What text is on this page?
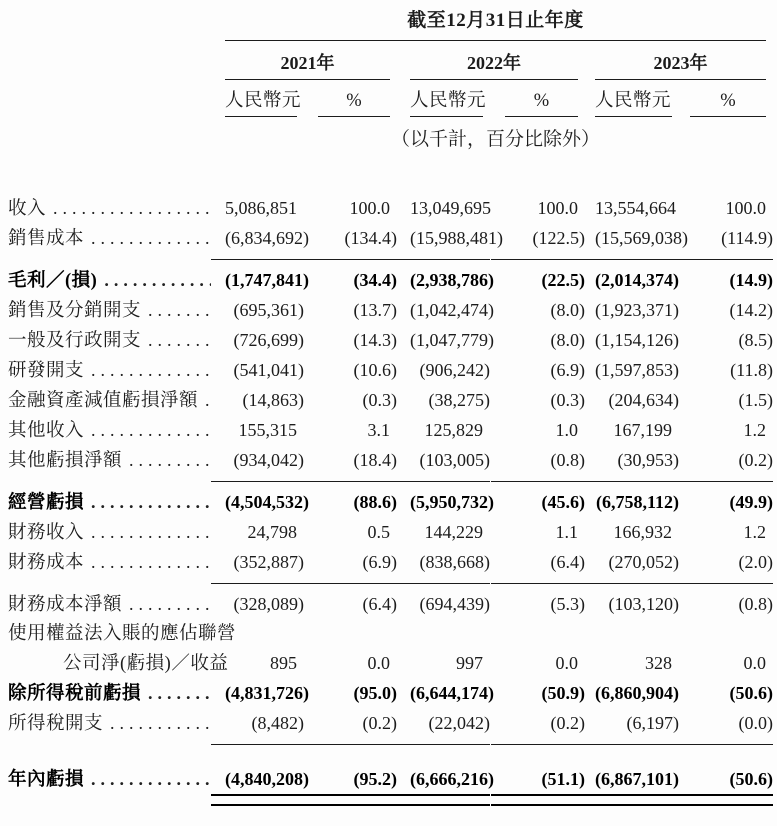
截至12月31日止年度
2021年	2022年	2023年
人民幣元	%	人民幣元	%	人民幣元	%
（以千計，百分比除外）
收入 .....	5,086,851	100.0 13,049,695	100.0 13,554,664	100.0
銷售成本 .....	(6,834,692)	(134.4) (15,988,481)	(122.5) (15,569,038)	(114.9)
毛利／(損) .....	(1,747,841)	(34.4) (2,938,786)	(22.5) (2,014,374)	(14.9)
銷售及分銷開支 .....	(695,361)	(13.7) (1,042,474)	(8.0) (1,923,371)	(14.2)
一般及行政開支 .....	(726,699)	(14.3) (1,047,779)	(8.0) (1,154,126)	(8.5)
研發開支 .....	(541,041)	(10.6)	(906,242)	(6.9) (1,597,853)	(11.8)
金融資產減值虧損淨額 .....	(14,863)	(0.3)	(38,275)	(0.3)	(204,634)	(1.5)
其他收入 .....	155,315	3.1	125,829	1.0	167,199	1.2
其他虧損淨額 .....	(934,042)	(18.4)	(103,005)	(0.8)	(30,953)	(0.2)
經營虧損 .....	(4,504,532)	(88.6) (5,950,732)	(45.6) (6,758,112)	(49.9)
財務收入 .....	24,798	0.5	144,229	1.1	166,932	1.2
財務成本 .....	(352,887)	(6.9)	(838,668)	(6.4)	(270,052)	(2.0)
財務成本淨額 .....	(328,089)	(6.4)	(694,439)	(5.3)	(103,120)	(0.8)
使用權益法入賬的應佔聯營
公司淨(虧損)／收益	895	0.0	997	0.0	328	0.0
除所得稅前虧損 .....	(4,831,726)	(95.0) (6,644,174)	(50.9) (6,860,904)	(50.6)
所得稅開支 .....	(8,482)	(0.2)	(22,042)	(0.2)	(6,197)	(0.0)
年內虧損 .....	(4,840,208)	(95.2) (6,666,216)	(51.1) (6,867,101)	(50.6)
